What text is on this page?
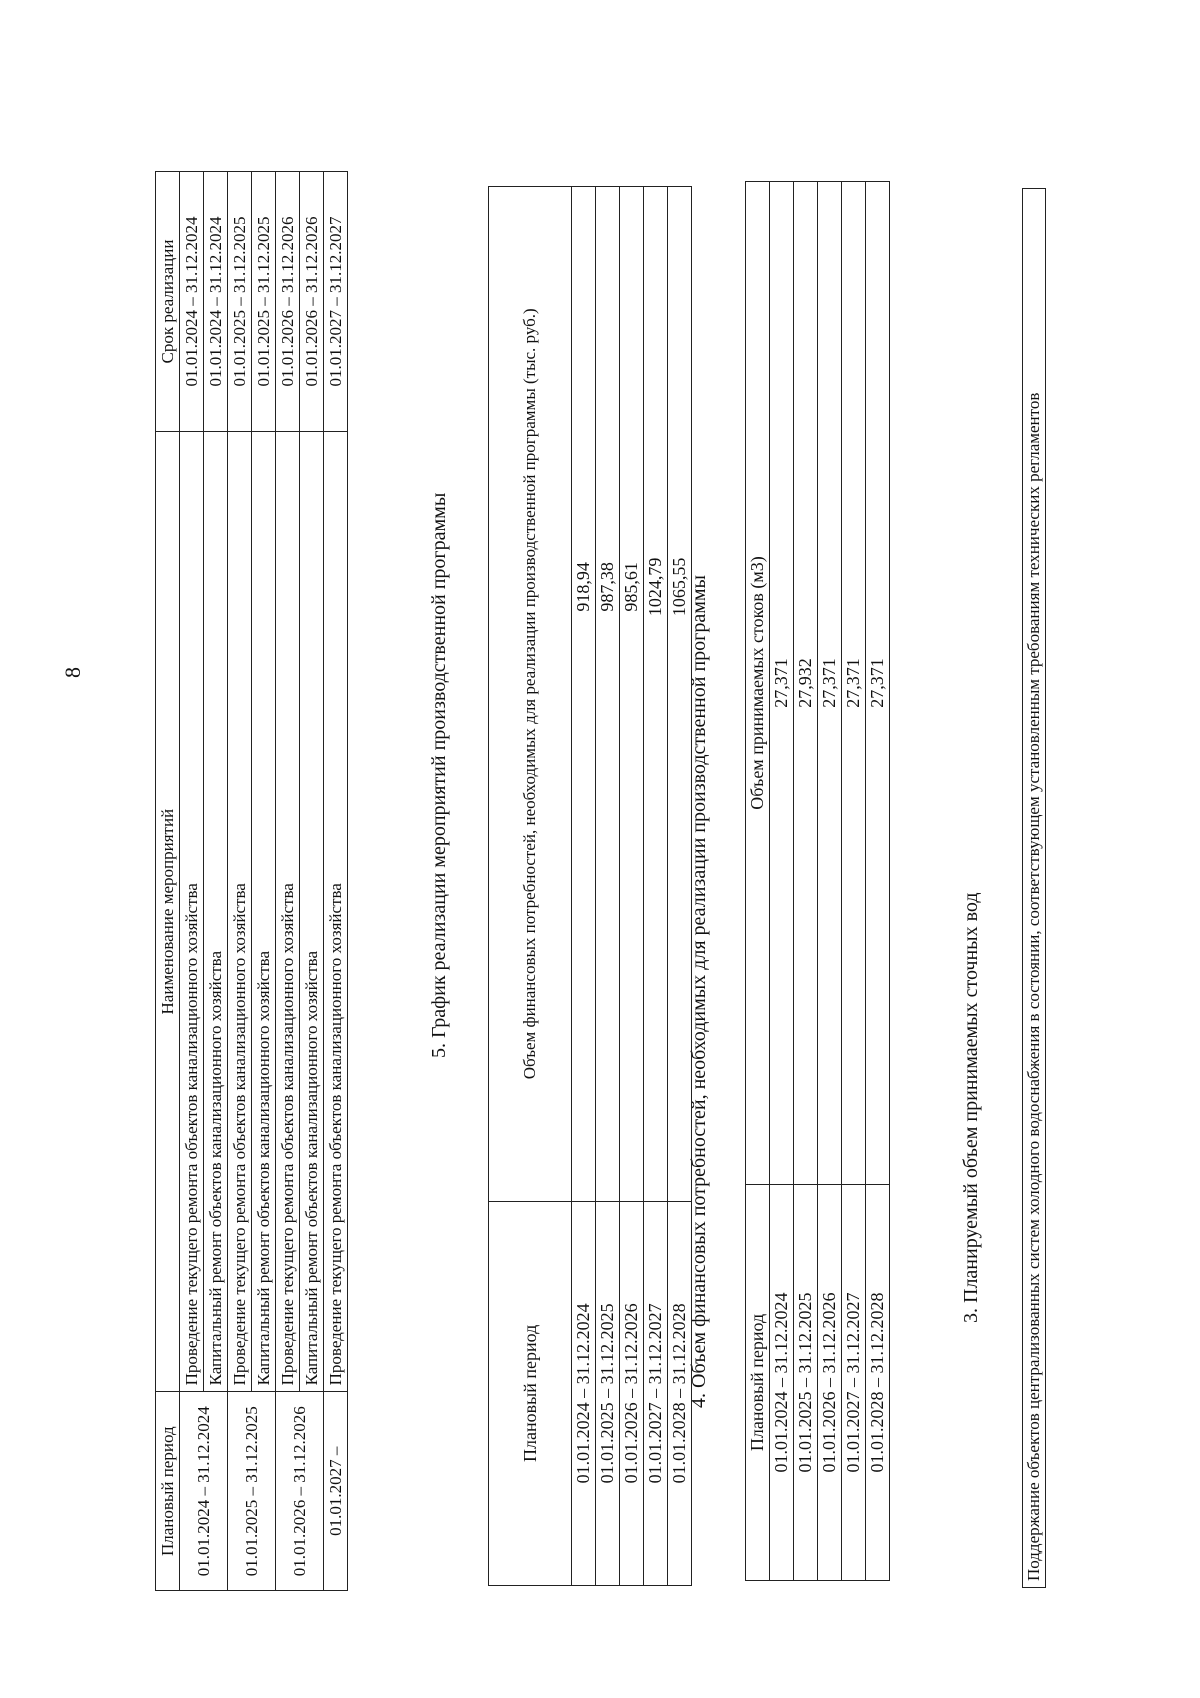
8	Поддержание объектов централизованных систем холодного водоснабжения в состоянии, соответствующем установленным требованиям технических регламентов
3. Планируемый объем принимаемых сточных вод
Плановый период	Объем принимаемых стоков (м3)
01.01.2024 – 31.12.2024	27,371
01.01.2025 – 31.12.2025	27,932
01.01.2026 – 31.12.2026	27,371
01.01.2027 – 31.12.2027	27,371
01.01.2028 – 31.12.2028	27,371
4. Объем финансовых потребностей, необходимых для реализации производственной программы
Плановый период	Объем финансовых потребностей, необходимых для реализации производственной программы (тыс. руб.)
01.01.2024 – 31.12.2024	918,94
01.01.2025 – 31.12.2025	987,38
01.01.2026 – 31.12.2026	985,61
01.01.2027 – 31.12.2027	1024,79
01.01.2028 – 31.12.2028	1065,55
5. График реализации мероприятий производственной программы
Плановый период	Наименование мероприятий	Срок реализации
01.01.2024 – 31.12.2024	Проведение текущего ремонта объектов канализационного хозяйства	01.01.2024 – 31.12.2024
	Капитальный ремонт объектов канализационного хозяйства	01.01.2024 – 31.12.2024
01.01.2025 – 31.12.2025	Проведение текущего ремонта объектов канализационного хозяйства	01.01.2025 – 31.12.2025
	Капитальный ремонт объектов канализационного хозяйства	01.01.2025 – 31.12.2025
01.01.2026 – 31.12.2026	Проведение текущего ремонта объектов канализационного хозяйства	01.01.2026 – 31.12.2026
	Капитальный ремонт объектов канализационного хозяйства	01.01.2026 – 31.12.2026
01.01.2027 –	Проведение текущего ремонта объектов канализационного хозяйства	01.01.2027 – 31.12.2027
